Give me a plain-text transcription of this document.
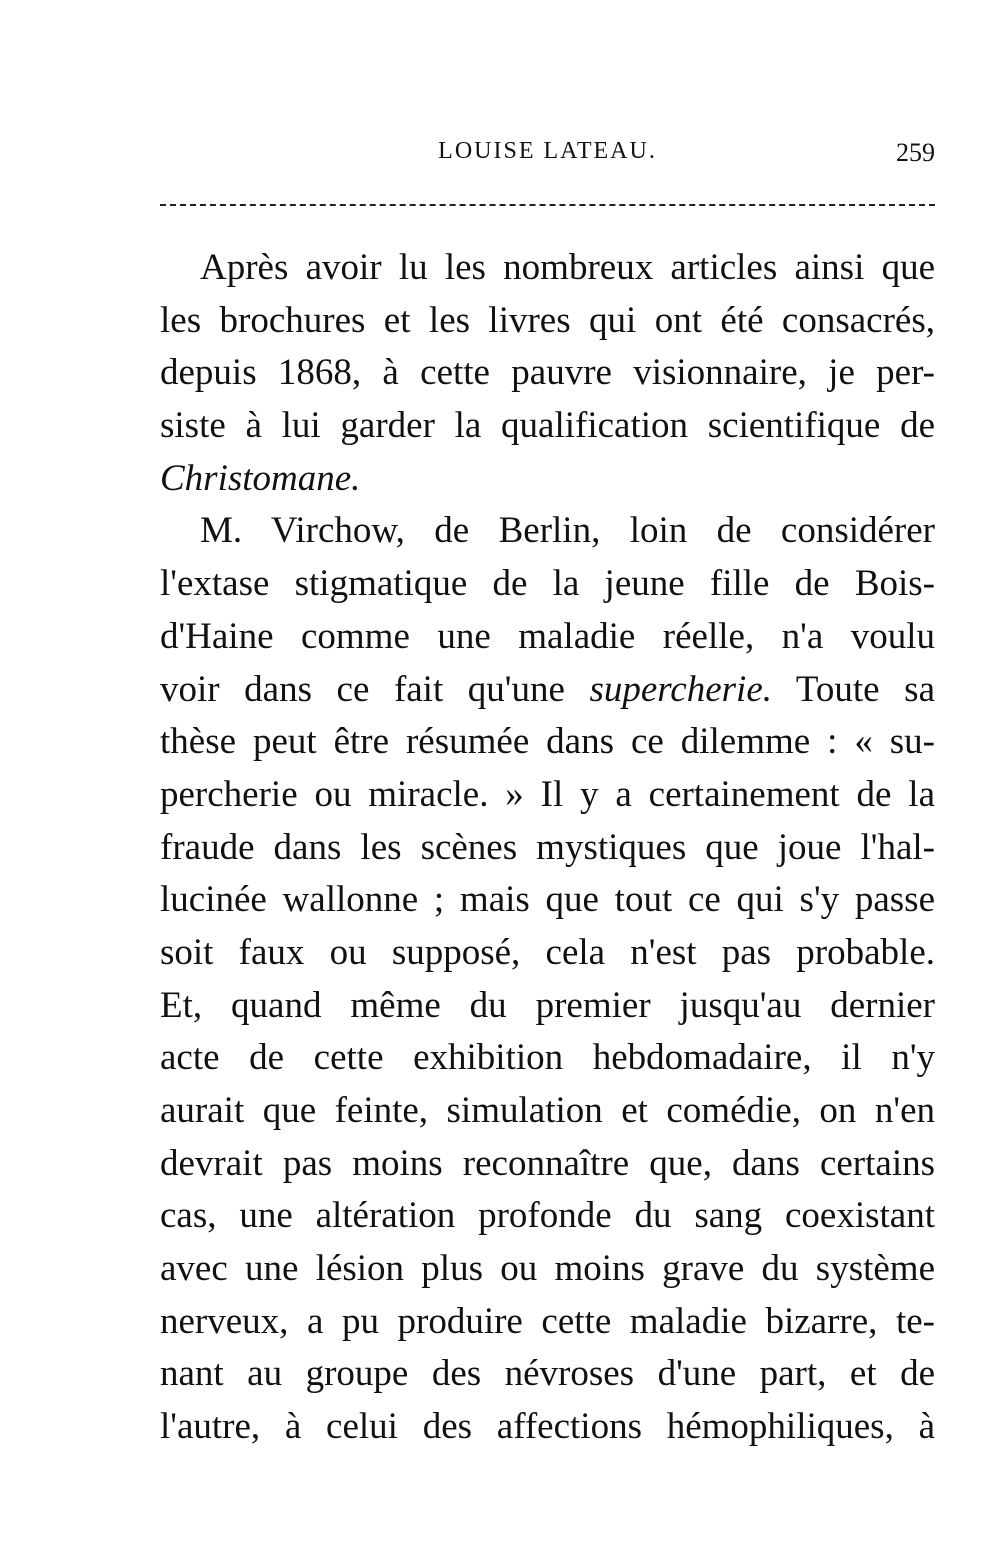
LOUISE LATEAU.	259
Après avoir lu les nombreux articles ainsi que
les brochures et les livres qui ont été consacrés,
depuis 1868, à cette pauvre visionnaire, je per-
siste à lui garder la qualification scientifique de
Christomane.
M. Virchow, de Berlin, loin de considérer
l'extase stigmatique de la jeune fille de Bois-
d'Haine comme une maladie réelle, n'a voulu
voir dans ce fait qu'une supercherie. Toute sa
thèse peut être résumée dans ce dilemme : « su-
percherie ou miracle. » Il y a certainement de la
fraude dans les scènes mystiques que joue l'hal-
lucinée wallonne ; mais que tout ce qui s'y passe
soit faux ou supposé, cela n'est pas probable.
Et, quand même du premier jusqu'au dernier
acte de cette exhibition hebdomadaire, il n'y
aurait que feinte, simulation et comédie, on n'en
devrait pas moins reconnaître que, dans certains
cas, une altération profonde du sang coexistant
avec une lésion plus ou moins grave du système
nerveux, a pu produire cette maladie bizarre, te-
nant au groupe des névroses d'une part, et de
l'autre, à celui des affections hémophiliques, à
